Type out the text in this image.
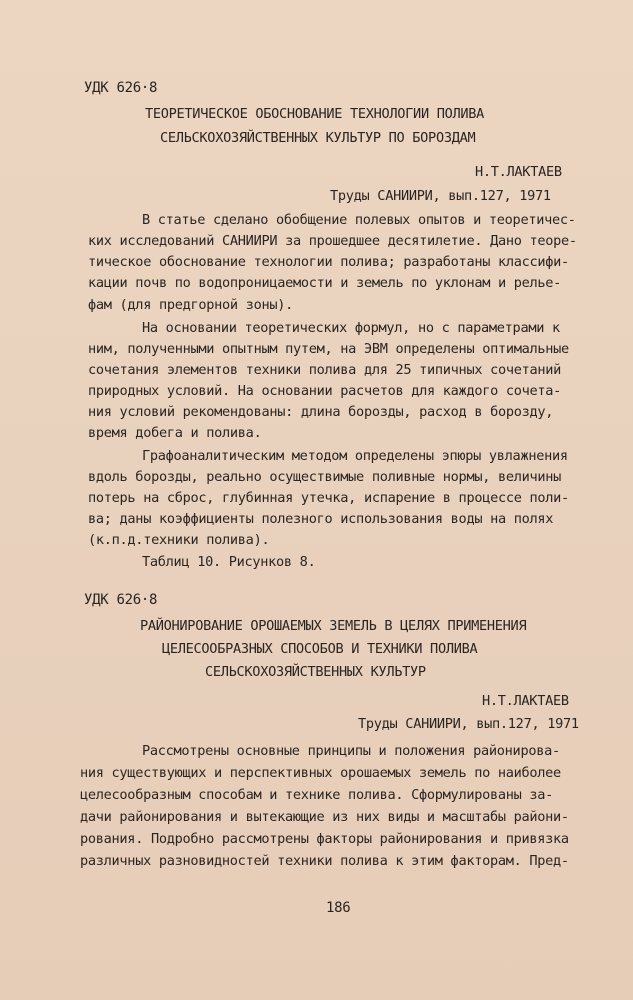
УДК 626·8
ТЕОРЕТИЧЕСКОЕ ОБОСНОВАНИЕ ТЕХНОЛОГИИ ПОЛИВА
СЕЛЬСКОХОЗЯЙСТВЕННЫХ КУЛЬТУР ПО БОРОЗДАМ
Н.Т.ЛАКТАЕВ
Труды САНИИРИ, вып.127, 1971
В статье сделано обобщение полевых опытов и теоретичес-
ких исследований САНИИРИ за прошедшее десятилетие. Дано теоре-
тическое обоснование технологии полива; разработаны классифи-
кации почв по водопроницаемости и земель по уклонам и релье-
фам (для предгорной зоны).
На основании теоретических формул, но с параметрами к
ним, полученными опытным путем, на ЭВМ определены оптимальные
сочетания элементов техники полива для 25 типичных сочетаний
природных условий. На основании расчетов для каждого сочета-
ния условий рекомендованы: длина борозды, расход в борозду,
время добега и полива.
Графоаналитическим методом определены эпюры увлажнения
вдоль борозды, реально осуществимые поливные нормы, величины
потерь на сброс, глубинная утечка, испарение в процессе поли-
ва; даны коэффициенты полезного использования воды на полях
(к.п.д.техники полива).
Таблиц 10. Рисунков 8.
УДК 626·8
РАЙОНИРОВАНИЕ ОРОШАЕМЫХ ЗЕМЕЛЬ В ЦЕЛЯХ ПРИМЕНЕНИЯ
ЦЕЛЕСООБРАЗНЫХ СПОСОБОВ И ТЕХНИКИ ПОЛИВА
СЕЛЬСКОХОЗЯЙСТВЕННЫХ КУЛЬТУР
Н.Т.ЛАКТАЕВ
Труды САНИИРИ, вып.127, 1971
Рассмотрены основные принципы и положения районирова-
ния существующих и перспективных орошаемых земель по наиболее
целесообразным способам и технике полива. Сформулированы за-
дачи районирования и вытекающие из них виды и масштабы райони-
рования. Подробно рассмотрены факторы районирования и привязка
различных разновидностей техники полива к этим факторам. Пред-
186
